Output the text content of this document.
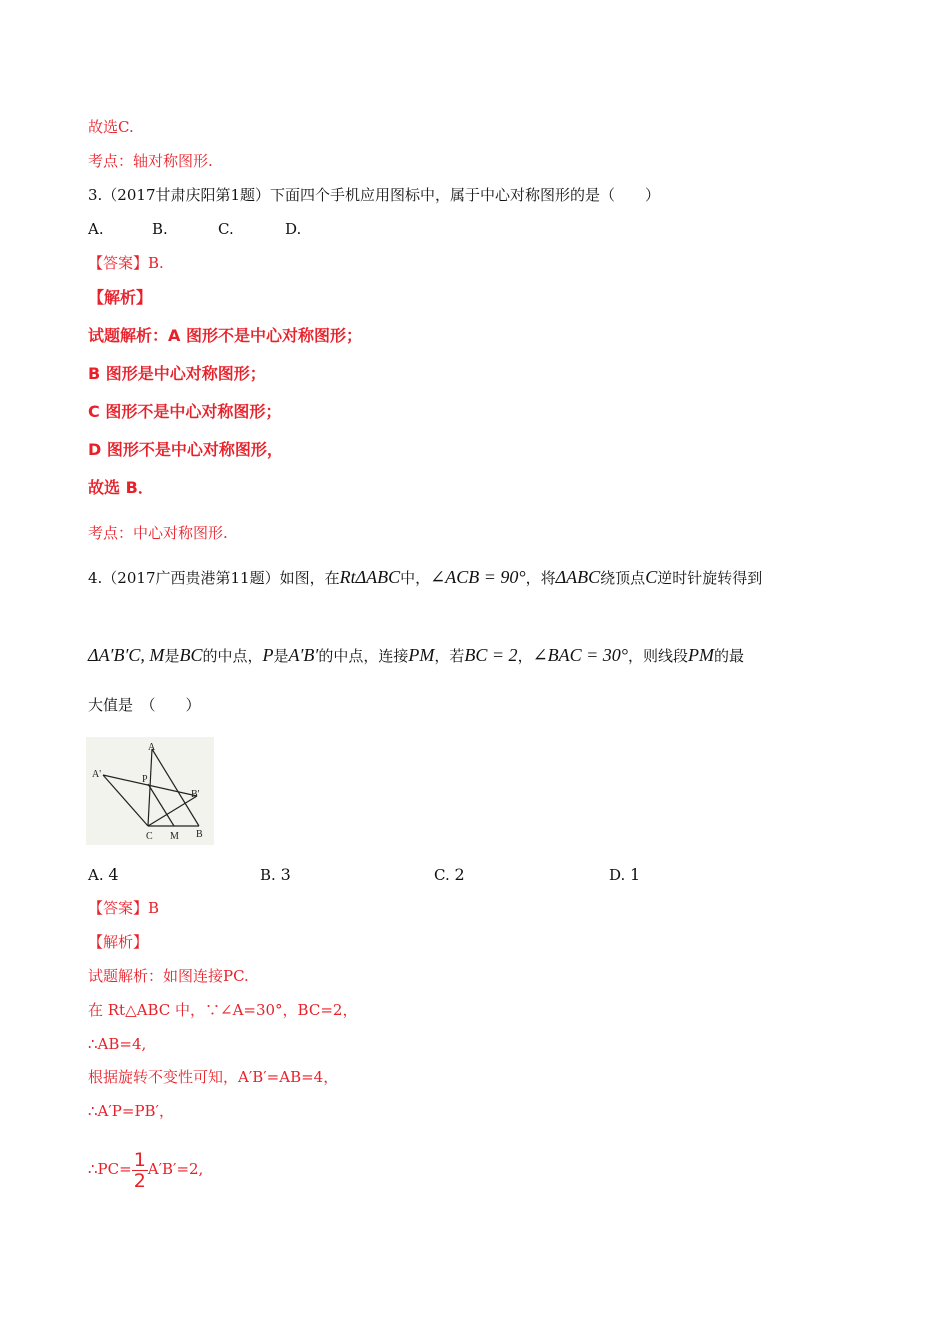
故选C.
考点：轴对称图形.
3.（2017甘肃庆阳第1题）下面四个手机应用图标中，属于中心对称图形的是（　　）
A.	B.	C.	D.
【答案】B.
【解析】
试题解析：A 图形不是中心对称图形；
B 图形是中心对称图形；
C 图形不是中心对称图形；
D 图形不是中心对称图形，
故选 B．
考点：中心对称图形.
4.（2017广西贵港第11题）如图，在RtΔABC中，∠ACB = 90°，将ΔABC绕顶点C逆时针旋转得到
ΔA′B′C, M是BC的中点，P是A′B′的中点，连接PM，若BC = 2，∠BAC = 30°，则线段PM的最
大值是　（　　）
A
A'	P
B'
C M B
A. 4	B. 3	C. 2	D. 1
【答案】B
【解析】
试题解析：如图连接PC.
在 Rt△ABC 中，∵∠A=30°，BC=2，
∴AB=4,
根据旋转不变性可知，A′B′=AB=4，
∴A′P=PB′，
∴PC= $\frac{1}{2} A'B'=2$,
